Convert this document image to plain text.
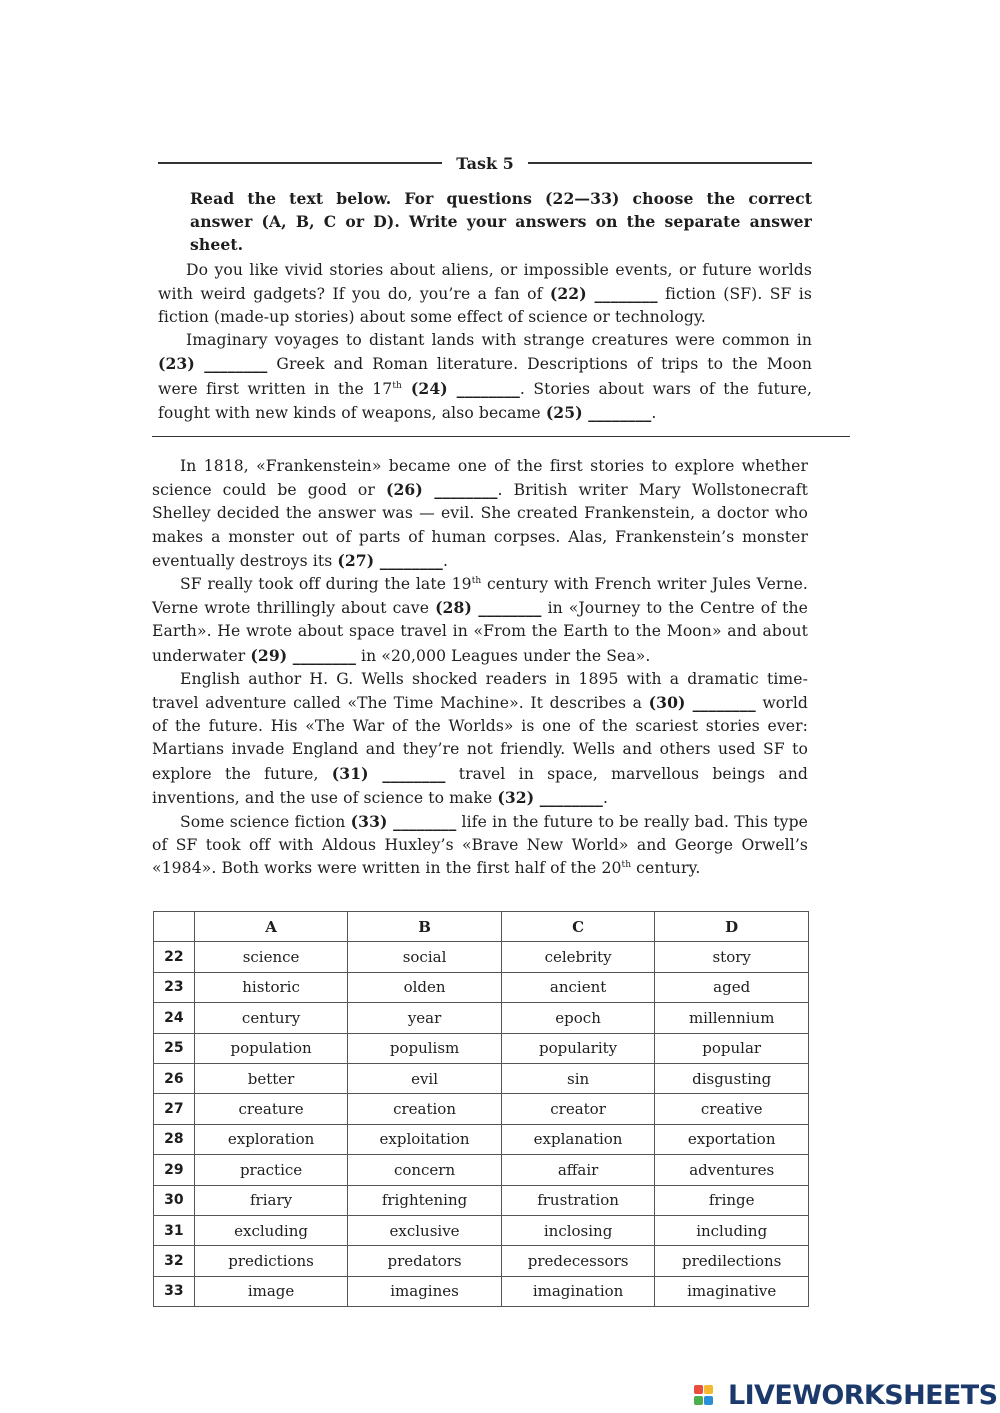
Task 5

Read the text below. For questions (22—33) choose the correct answer (A, B, C or D). Write your answers on the separate answer sheet.

Do you like vivid stories about aliens, or impossible events, or future worlds with weird gadgets? If you do, you’re a fan of (22) ________ fiction (SF). SF is fiction (made-up stories) about some effect of science or technology.

Imaginary voyages to distant lands with strange creatures were common in (23) ________ Greek and Roman literature. Descriptions of trips to the Moon were first written in the 17th (24) ________. Stories about wars of the future, fought with new kinds of weapons, also became (25) ________.

In 1818, «Frankenstein» became one of the first stories to explore whether science could be good or (26) ________. British writer Mary Wollstonecraft Shelley decided the answer was — evil. She created Frankenstein, a doctor who makes a monster out of parts of human corpses. Alas, Frankenstein’s monster eventually destroys its (27) ________.

SF really took off during the late 19th century with French writer Jules Verne. Verne wrote thrillingly about cave (28) ________ in «Journey to the Centre of the Earth». He wrote about space travel in «From the Earth to the Moon» and about underwater (29) ________ in «20,000 Leagues under the Sea».

English author H. G. Wells shocked readers in 1895 with a dramatic time-travel adventure called «The Time Machine». It describes a (30) ________ world of the future. His «The War of the Worlds» is one of the scariest stories ever: Martians invade England and they’re not friendly. Wells and others used SF to explore the future, (31) ________ travel in space, marvellous beings and inventions, and the use of science to make (32) ________.

Some science fiction (33) ________ life in the future to be really bad. This type of SF took off with Aldous Huxley’s «Brave New World» and George Orwell’s «1984». Both works were written in the first half of the 20th century.

	A	B	C	D
22	science	social	celebrity	story
23	historic	olden	ancient	aged
24	century	year	epoch	millennium
25	population	populism	popularity	popular
26	better	evil	sin	disgusting
27	creature	creation	creator	creative
28	exploration	exploitation	explanation	exportation
29	practice	concern	affair	adventures
30	friary	frightening	frustration	fringe
31	excluding	exclusive	inclosing	including
32	predictions	predators	predecessors	predilections
33	image	imagines	imagination	imaginative
LIVEWORKSHEETS
